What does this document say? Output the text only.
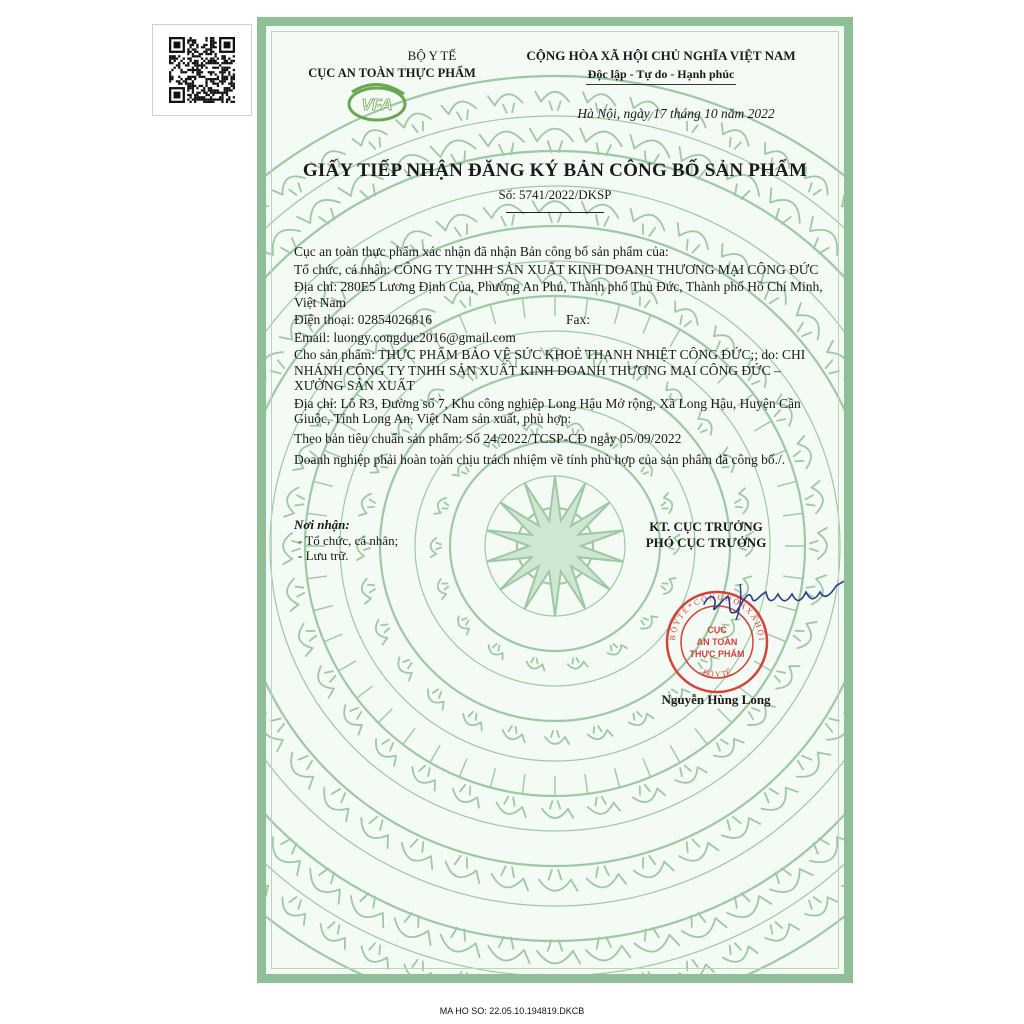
BỘ Y TẾ
CỤC AN TOÀN THỰC PHẨM
CỘNG HÒA XÃ HỘI CHỦ NGHĨA VIỆT NAM
Độc lập - Tự do - Hạnh phúc
VFA	Hà Nội, ngày 17 tháng 10 năm 2022
GIẤY TIẾP NHẬN ĐĂNG KÝ BẢN CÔNG BỐ SẢN PHẨM
Số: 5741/2022/DKSP

Cục an toàn thực phẩm xác nhận đã nhận Bản công bố sản phẩm của:

Tổ chức, cá nhân: CÔNG TY TNHH SẢN XUẤT KINH DOANH THƯƠNG MẠI CÔNG ĐỨC

Địa chỉ: 280E5 Lương Định Của, Phường An Phú, Thành phố Thủ Đức, Thành phố Hồ Chí Minh, Việt Nam

Điện thoại: 02854026816	Fax:

Email: luongy.congduc2016@gmail.com

Cho sản phẩm: THỰC PHẨM BẢO VỆ SỨC KHOẺ THANH NHIỆT CÔNG ĐỨC;; do: CHI NHÁNH CÔNG TY TNHH SẢN XUẤT KINH DOANH THƯƠNG MẠI CÔNG ĐỨC – XƯỞNG SẢN XUẤT

Địa chỉ: Lô R3, Đường số 7, Khu công nghiệp Long Hậu Mở rộng, Xã Long Hậu, Huyện Cần Giuộc, Tỉnh Long An, Việt Nam sản xuất, phù hợp:

Theo bản tiêu chuẩn sản phẩm: Số 24/2022/TCSP-CĐ ngày 05/09/2022

Doanh nghiệp phải hoàn toàn chịu trách nhiệm về tính phù hợp của sản phẩm đã công bố./.

Nơi nhận:
- Tổ chức, cá nhân;
- Lưu trữ.
KT. CỤC TRƯỞNG
PHÓ CỤC TRƯỞNG
B Ộ Y T Ế * C Ộ N G H Ò A X Ã H Ộ I
BỘ Y TẾ
CỤC
AN TOÀN
THỰC PHẨM
Nguyễn Hùng Long
MA HO SO: 22.05.10.194819.DKCB
